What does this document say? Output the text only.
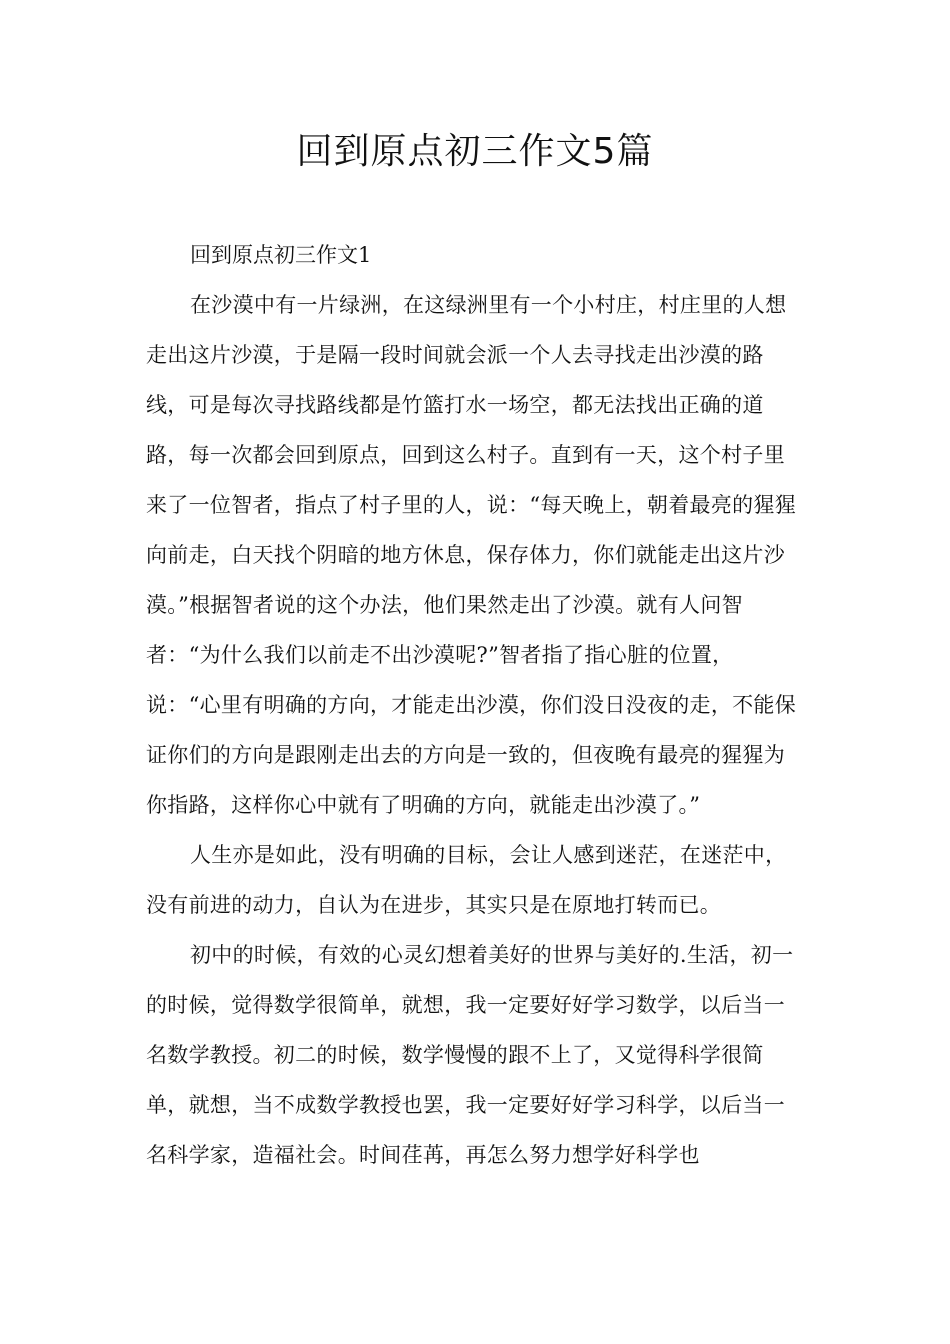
回到原点初三作文5篇

回到原点初三作文1

在沙漠中有一片绿洲，在这绿洲里有一个小村庄，村庄里的人想走出这片沙漠，于是隔一段时间就会派一个人去寻找走出沙漠的路线，可是每次寻找路线都是竹篮打水一场空，都无法找出正确的道路，每一次都会回到原点，回到这么村子。直到有一天，这个村子里来了一位智者，指点了村子里的人，说：“每天晚上，朝着最亮的猩猩向前走，白天找个阴暗的地方休息，保存体力，你们就能走出这片沙漠。”根据智者说的这个办法，他们果然走出了沙漠。就有人问智者：“为什么我们以前走不出沙漠呢?”智者指了指心脏的位置，说：“心里有明确的方向，才能走出沙漠，你们没日没夜的走，不能保证你们的方向是跟刚走出去的方向是一致的，但夜晚有最亮的猩猩为你指路，这样你心中就有了明确的方向，就能走出沙漠了。”

人生亦是如此，没有明确的目标，会让人感到迷茫，在迷茫中，没有前进的动力，自认为在进步，其实只是在原地打转而已。

初中的时候，有效的心灵幻想着美好的世界与美好的.生活，初一的时候，觉得数学很简单，就想，我一定要好好学习数学，以后当一名数学教授。初二的时候，数学慢慢的跟不上了，又觉得科学很简单，就想，当不成数学教授也罢，我一定要好好学习科学，以后当一名科学家，造福社会。时间荏苒，再怎么努力想学好科学也
